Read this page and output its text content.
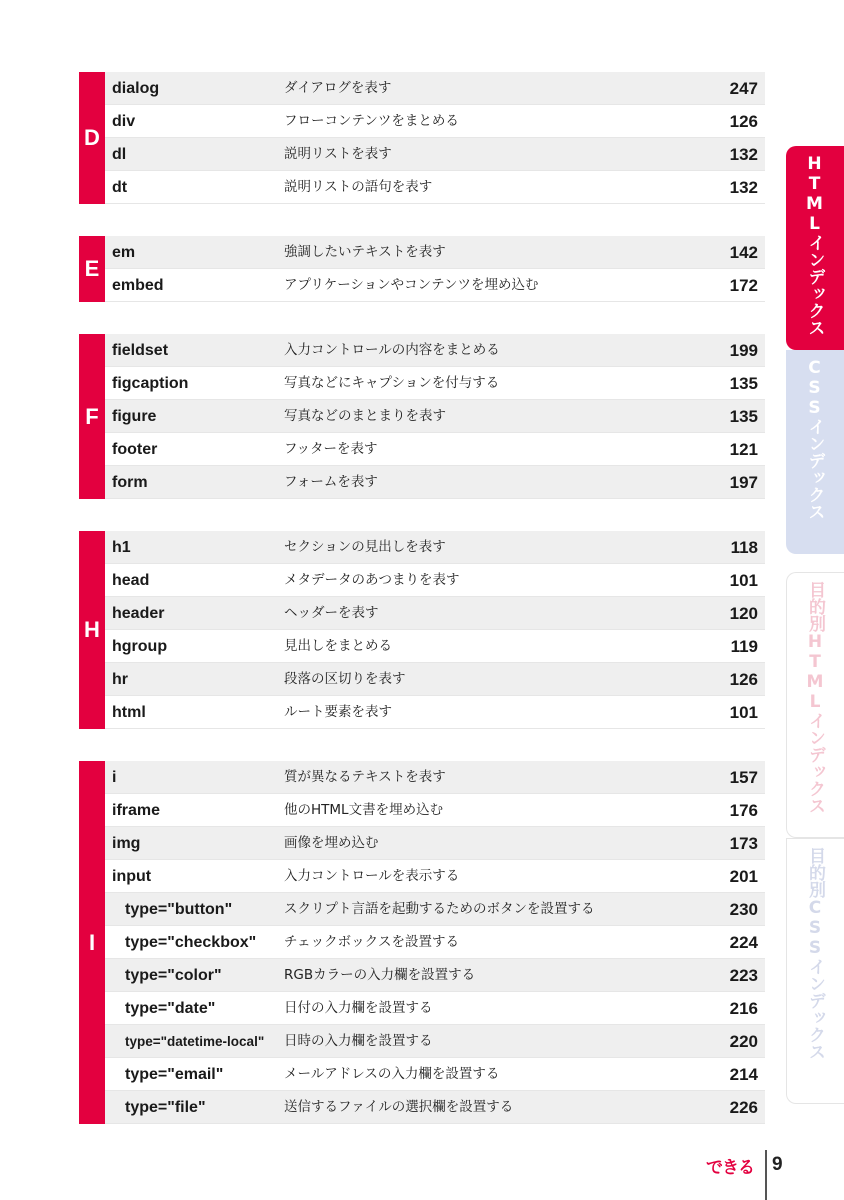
D
dialog	ダイアログを表す	247
div	フローコンテンツをまとめる	126
dl	説明リストを表す	132
dt	説明リストの語句を表す	132
E
em	強調したいテキストを表す	142
embed	アプリケーションやコンテンツを埋め込む	172
F
fieldset	入力コントロールの内容をまとめる	199
figcaption	写真などにキャプションを付与する	135
figure	写真などのまとまりを表す	135
footer	フッターを表す	121
form	フォームを表す	197
H
h1	セクションの見出しを表す	118
head	メタデータのあつまりを表す	101
header	ヘッダーを表す	120
hgroup	見出しをまとめる	119
hr	段落の区切りを表す	126
html	ルート要素を表す	101
I
i	質が異なるテキストを表す	157
iframe	他のHTML文書を埋め込む	176
img	画像を埋め込む	173
input	入力コントロールを表示する	201
type="button"	スクリプト言語を起動するためのボタンを設置する	230
type="checkbox" チェックボックスを設置する	224
type="color"	RGBカラーの入力欄を設置する	223
type="date"	日付の入力欄を設置する	216
type="datetime-local" 日時の入力欄を設置する	220
type="email"	メールアドレスの入力欄を設置する	214
type="file"	送信するファイルの選択欄を設置する	226
HTMLインデックス
CSSインデックス
目的別HTMLインデックス
目的別CSSインデックス
できる 9
